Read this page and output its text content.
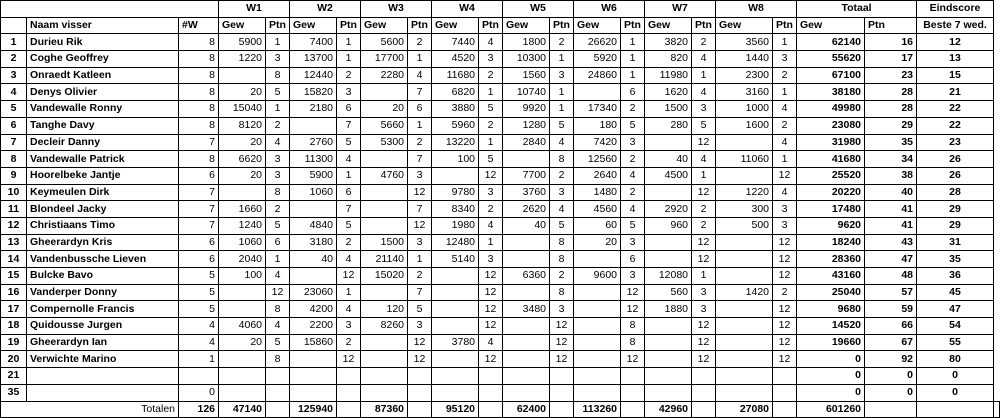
			W1		W2		W3		W4		W5		W6		W7		W8		Totaal		Eindscore	
	Naam visser	#W	Gew	Ptn	Gew	Ptn	Gew	Ptn	Gew	Ptn	Gew	Ptn	Gew	Ptn	Gew	Ptn	Gew	Ptn	Gew	Ptn	Beste 7 wed.	
1	Durieu Rik	8	5900	1	7400	1	5600	2	7440	4	1800	2	26620	1	3820	2	3560	1	62140	16	12	
2	Coghe Geoffrey	8	1220	3	13700	1	17700	1	4520	3	10300	1	5920	1	820	4	1440	3	55620	17	13	
3	Onraedt Katleen	8		8	12440	2	2280	4	11680	2	1560	3	24860	1	11980	1	2300	2	67100	23	15	
4	Denys Olivier	8	20	5	15820	3		7	6820	1	10740	1		6	1620	4	3160	1	38180	28	21	
5	Vandewalle Ronny	8	15040	1	2180	6	20	6	3880	5	9920	1	17340	2	1500	3	1000	4	49980	28	22	
6	Tanghe Davy	8	8120	2		7	5660	1	5960	2	1280	5	180	5	280	5	1600	2	23080	29	22	
7	Decleir Danny	7	20	4	2760	5	5300	2	13220	1	2840	4	7420	3		12		4	31980	35	23	
8	Vandewalle Patrick	8	6620	3	11300	4		7	100	5		8	12560	2	40	4	11060	1	41680	34	26	
9	Hoorelbeke Jantje	6	20	3	5900	1	4760	3		12	7700	2	2640	4	4500	1		12	25520	38	26	
10	Keymeulen Dirk	7		8	1060	6		12	9780	3	3760	3	1480	2		12	1220	4	20220	40	28	
11	Blondeel Jacky	7	1660	2		7		7	8340	2	2620	4	4560	4	2920	2	300	3	17480	41	29	
12	Christiaans Timo	7	1240	5	4840	5		12	1980	4	40	5	60	5	960	2	500	3	9620	41	29	
13	Gheerardyn Kris	6	1060	6	3180	2	1500	3	12480	1		8	20	3		12		12	18240	43	31	
14	Vandenbussche Lieven	6	2040	1	40	4	21140	1	5140	3		8		6		12		12	28360	47	35	
15	Bulcke Bavo	5	100	4		12	15020	2		12	6360	2	9600	3	12080	1		12	43160	48	36	
16	Vanderper Donny	5		12	23060	1		7		12		8		12	560	3	1420	2	25040	57	45	
17	Compernolle Francis	5		8	4200	4	120	5		12	3480	3		12	1880	3		12	9680	59	47	
18	Quidousse Jurgen	4	4060	4	2200	3	8260	3		12		12		8		12		12	14520	66	54	
19	Gheerardyn Ian	4	20	5	15860	2		12	3780	4		12		8		12		12	19660	67	55	
20	Verwichte Marino	1		8		12		12		12		12		12		12		12	0	92	80	
21																			0	0	0	
35		0																	0	0	0	
Totalen		126	47140		125940		87360		95120		62400		113260		42960		27080		601260			
